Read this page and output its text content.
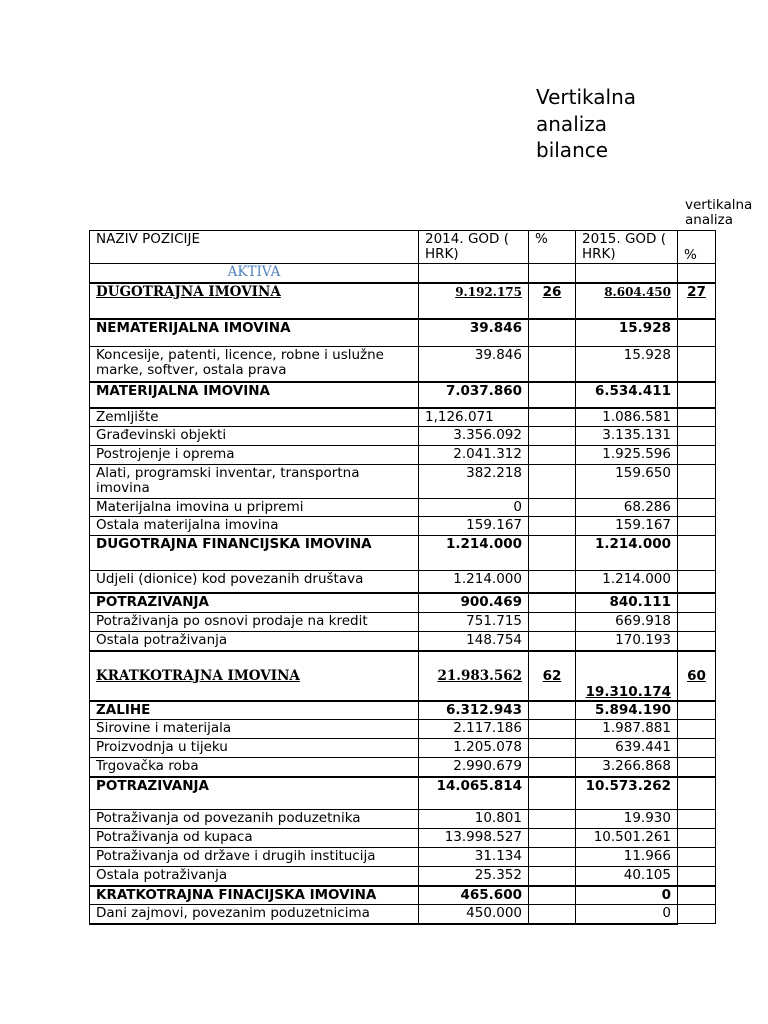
Vertikalna
analiza
bilance
vertikalna
analiza
NAZIV POZICIJE	2014. GOD ( HRK)	%	2015. GOD ( HRK)	%
AKTIVA				
DUGOTRAJNA IMOVINA	9.192.175	26	8.604.450	27
NEMATERIJALNA IMOVINA	39.846		15.928	
Koncesije, patenti, licence, robne i uslužne marke, softver, ostala prava	39.846		15.928	
MATERIJALNA IMOVINA	7.037.860		6.534.411	
Zemljište	1,126.071		1.086.581	
Građevinski objekti	3.356.092		3.135.131	
Postrojenje i oprema	2.041.312		1.925.596	
Alati, programski inventar, transportna imovina	382.218		159.650	
Materijalna imovina u pripremi	0		68.286	
Ostala materijalna imovina	159.167		159.167	
DUGOTRAJNA FINANCIJSKA IMOVINA	1.214.000		1.214.000	
Udjeli (dionice) kod povezanih društava	1.214.000		1.214.000	
POTRAZIVANJA	900.469		840.111	
Potraživanja po osnovi prodaje na kredit	751.715		669.918	
Ostala potraživanja	148.754		170.193	
KRATKOTRAJNA IMOVINA	21.983.562	62	19.310.174	60
ZALIHE	6.312.943		5.894.190	
Sirovine i materijala	2.117.186		1.987.881	
Proizvodnja u tijeku	1.205.078		639.441	
Trgovačka roba	2.990.679		3.266.868	
POTRAZIVANJA	14.065.814		10.573.262	
Potraživanja od povezanih poduzetnika	10.801		19.930	
Potraživanja od kupaca	13.998.527		10.501.261	
Potraživanja od države i drugih institucija	31.134		11.966	
Ostala potraživanja	25.352		40.105	
KRATKOTRAJNA FINACIJSKA IMOVINA	465.600		0	
Dani zajmovi, povezanim poduzetnicima	450.000		0	
